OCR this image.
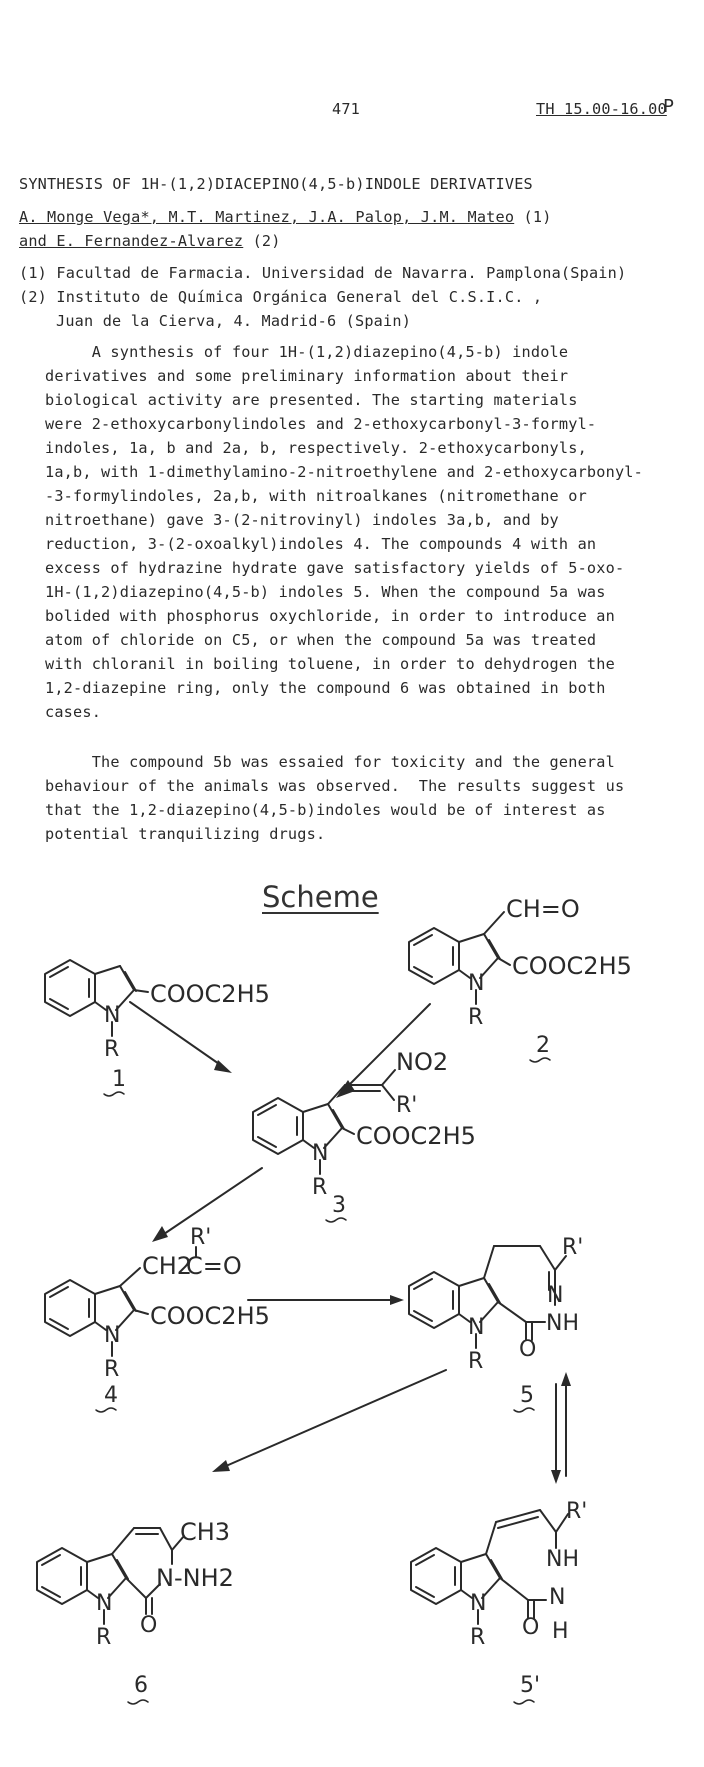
471	TH 15.00-16.00
P
SYNTHESIS OF 1H-(1,2)DIACEPINO(4,5-b)INDOLE DERIVATIVES
A. Monge Vega*, M.T. Martinez, J.A. Palop, J.M. Mateo (1)
and E. Fernandez-Alvarez (2)
(1) Facultad de Farmacia. Universidad de Navarra. Pamplona(Spain)
(2) Instituto de Química Orgánica General del C.S.I.C. ,
Juan de la Cierva, 4. Madrid-6 (Spain)
A synthesis of four 1H-(1,2)diazepino(4,5-b) indole
derivatives and some preliminary information about their
biological activity are presented. The starting materials
were 2-ethoxycarbonylindoles and 2-ethoxycarbonyl-3-formyl-
indoles, 1a, b and 2a, b, respectively. 2-ethoxycarbonyls,
1a,b, with 1-dimethylamino-2-nitroethylene and 2-ethoxycarbonyl-
-3-formylindoles, 2a,b, with nitroalkanes (nitromethane or
nitroethane) gave 3-(2-nitrovinyl) indoles 3a,b, and by
reduction, 3-(2-oxoalkyl)indoles 4. The compounds 4 with an
excess of hydrazine hydrate gave satisfactory yields of 5-oxo-
1H-(1,2)diazepino(4,5-b) indoles 5. When the compound 5a was
bolided with phosphorus oxychloride, in order to introduce an
atom of chloride on C5, or when the compound 5a was treated
with chloranil in boiling toluene, in order to dehydrogen the
1,2-diazepine ring, only the compound 6 was obtained in both
cases.
The compound 5b was essaied for toxicity and the general
behaviour of the animals was observed.  The results suggest us
that the 1,2-diazepino(4,5-b)indoles would be of interest as
potential tranquilizing drugs.
Scheme
N
R
COOC2H5
1
CH=O
N
R
COOC2H5
2
NO2
R'
N
R
COOC2H5
3
R'
CH2
C=O
N
R
COOC2H5
4
R'
N
NH
O
N
R
5
CH3
N-NH2
O
N
R
6
R'
NH
N
H
O
N
R
5'
